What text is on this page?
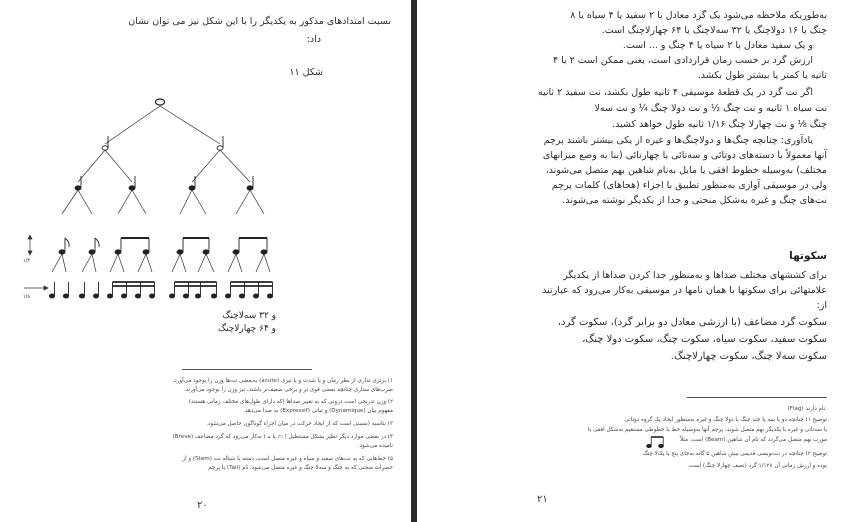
نسبت امتدادهای مذکور به یکدیگر را با این شکل نیز می توان نشان
داد:
شکل ۱۱
۱/۴
۱/۸
و ۳۲ سه‌لاچنگ
و ۶۴ چهارلاچنگ
۱) برتری تداری از نظر زمان و یا شدت و یا تیزی (acute) به‌بعضی نت‌ها وزن را بوجود می‌آورد.
ضرب‌های ستاری چنانچه بعضی قوی تر و برخی ضعیف‌تر باشند، نیز وزن را بوجود می‌آورند.
۲) وزن تدریجی است درونی که به تغییر صداها (که دارای طول‌های مختلف زمانی هستند)
مفهوم بیان (Dynamique) و تبانی (Expressif) به صدا می‌دهد.
۳) نتاسبه (نسبتی است که از ایجاد حرکت در میان اجزاء گوناگون حاصل می‌شود.
۴) در بعضی موارد دیگر نظیر بشکل مستطیل ( ▭ یا 𝅜 ) به‌کار می‌رود که گرد مضاعف (Breve)
نامیده می‌شود.
۵) خط‌هایی که به نت‌های سفید و سیاه و غیره متصل است، دسته یا شیاله نت (Stem) و از
حضرات منحنی که به چنگ و سه‌لا چنگ و غیره متصل می‌شود، دُم (Tail) یا پرچم
۲۰
به‌طوریکه ملاحظه می‌شود یک گرد معادل با ۲ سفید یا ۴ سیاه یا ۸
چنگ یا ۱۶ دولاچنگ یا ۳۲ سه‌لاچنگ یا ۶۴ چهارلاچنگ است.
و یک سفید معادل با ۲ سیاه یا ۴ چنگ و ... است.
ارزش گرد بر حسب زمان قراردادی است، یعنی ممکن است ۲ یا ۴
ثانیه یا کمتر یا بیشتر طول بکشد.
اگر نت گرد در یک قطعهٔ موسیقی ۴ ثانیه طول بکشد، نت سفید ۲ ثانیه
نت سیاه ۱ ثانیه و نت چنگ ½ و نت دولا چنگ ¼ و نت سه‌لا
چنگ ⅛ و نت چهارلا چنگ ۱/۱۶ ثانیه طول خواهد کشید.
یادآوری: چنانچه چنگ‌ها و دولاچنگ‌ها و غیره از یکی بیشتر باشند پرچم
آنها معمولاً با دسته‌های دوتائی و سه‌تائی یا چهارتائی (بنا به وضع میزانهای
مختلف) به‌وسیله خطوط افقی یا مایل به‌نام شاهین بهم متصل می‌شوند،
ولی در موسیقی آوازی به‌منظور تطبیق با اجزاء (هجاهای) کلمات پرچم
نت‌های چنگ و غیره به‌شکل منحنی و جدا از یکدیگر نوشته می‌شوند.
سکوتها
برای کششهای مختلف صداها و به‌منظور جدا کردن صداها از یکدیگر
علامتهائی برای سکوتها با همان نامها در موسیقی به‌کار می‌رود که عبارتند
از:
سکوت گرد مضاعف (با ارزشی معادل دو برابر گرد)، سکوت گرد،
سکوت سفید، سکوت سیاه، سکوت چنگ، سکوت دولا چنگ،
سکوت سه‌لا چنگ، سکوت چهارلاچنگ.
(Flag) نام دارند.
توضیح ۱) چنانچه دو یا سه یا چند چنگ یا دولا چنگ و غیره به‌منظور ایجاد یک گروه دوتائی
یا سه‌تائی و غیره با یکدیگر بهم متصل شوند، پرچم آنها به‌وسیله خط یا خطوطی مستقیم به‌شکل افقی یا
مورب بهم متصل می‌گردد که نام آن شاهین (Beam) است. مثلاً
توضیح ۲) چنانچه در نت‌نویسی قدیمی بیش شاهین ۵ گانه به‌جای پنج یا یک‌لا چنگ
بوده و ارزش زمانی آن ۱/۱۲۸ گرد (نصف چهارلا چنگ) است.
۲۱
